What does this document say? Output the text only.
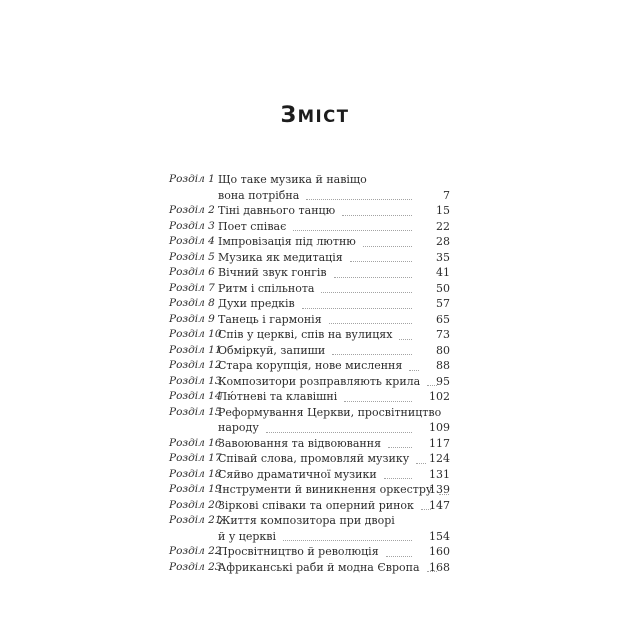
ЗМІСТ
Розділ 1 Що таке музика й навіщо
вона потрібна	7
Розділ 2 Тіні давнього танцю	15
Розділ 3 Поет співає	22
Розділ 4 Імпровізація під лютню	28
Розділ 5 Музика як медитація	35
Розділ 6 Вічний звук гонгів	41
Розділ 7 Ритм і спільнота	50
Розділ 8 Духи предків	57
Розділ 9 Танець і гармонія	65
Розділ 10
Спів у церкві, спів на вулицях	73
Розділ 11
Обміркуй, запиши	80
Розділ 12
Стара корупція, нове мислення	88
Розділ 13
Композитори розправляють крила	95
Розділ 14
Лю́тневі та клавішні	102
Розділ 15
Реформування Церкви, просвітництво
народу	109
Розділ 16
Завоювання та відвоювання	117
Розділ 17
Співай слова, промовляй музику	124
Розділ 18
Сяйво драматичної музики	131
Розділ 19
Інструменти й виникнення оркестру
139
Розділ 20
Зіркові співаки та оперний ринок	147
Розділ 21
Життя композитора при дворі
й у церкві	154
Розділ 22
Просвітництво й революція	160
Розділ 23
Африканські раби й модна Європа 168
